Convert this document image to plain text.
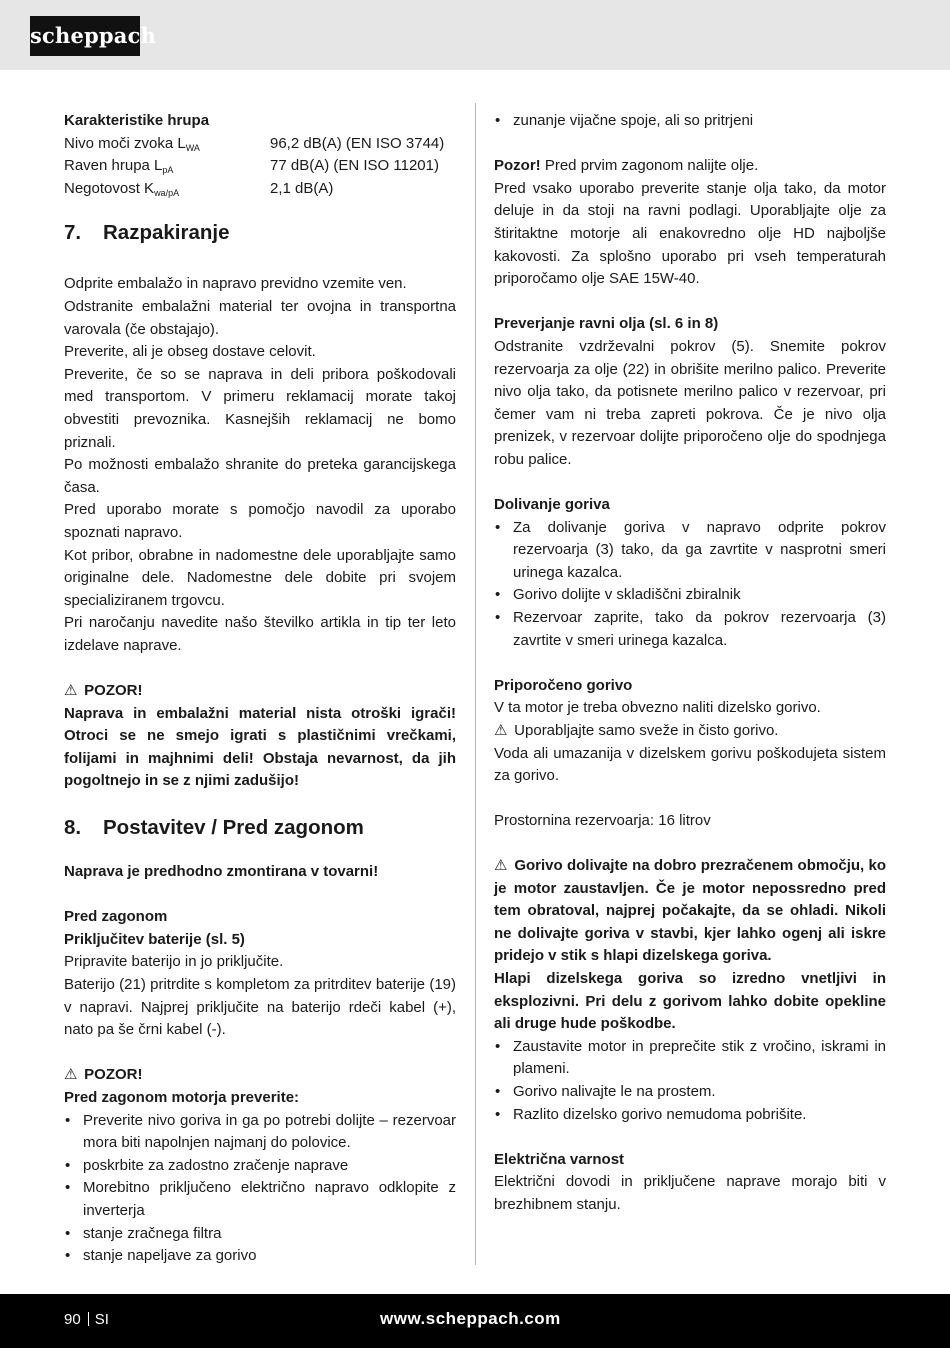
scheppach

Karakteristike hrupa

Nivo moči zvoka $L_{WA}$	96,2 dB(A) (EN ISO 3744)
Raven hrupa $L_{pA}$	77 dB(A) (EN ISO 11201)
Negotovost $K_{wa/pA}$	2,1 dB(A)
7.	Razpakiranje

Odprite embalažo in napravo previdno vzemite ven.

Odstranite embalažni material ter ovojna in transportna varovala (če obstajajo).

Preverite, ali je obseg dostave celovit.

Preverite, če so se naprava in deli pribora poškodovali med transportom. V primeru reklamacij morate takoj obvestiti prevoznika. Kasnejših reklamacij ne bomo priznali.

Po možnosti embalažo shranite do preteka garancijskega časa.

Pred uporabo morate s pomočjo navodil za uporabo spoznati napravo.

Kot pribor, obrabne in nadomestne dele uporabljajte samo originalne dele. Nadomestne dele dobite pri svojem specializiranem trgovcu.

Pri naročanju navedite našo številko artikla in tip ter leto izdelave naprave.

⚠ POZOR!

Naprava in embalažni material nista otroški igrači! Otroci se ne smejo igrati s plastičnimi vrečkami, folijami in majhnimi deli! Obstaja nevarnost, da jih pogoltnejo in se z njimi zadušijo!

8.	Postavitev / Pred zagonom

Naprava je predhodno zmontirana v tovarni!

Pred zagonom

Priključitev baterije (sl. 5)

Pripravite baterijo in jo priključite.

Baterijo (21) pritrdite s kompletom za pritrditev baterije (19) v napravi. Najprej priključite na baterijo rdeči kabel (+), nato pa še črni kabel (-).

⚠ POZOR!

Pred zagonom motorja preverite:

• Preverite nivo goriva in ga po potrebi dolijte – rezervoar mora biti napolnjen najmanj do polovice.
• poskrbite za zadostno zračenje naprave
• Morebitno priključeno električno napravo odklopite z inverterja
• stanje zračnega filtra
• stanje napeljave za gorivo
• zunanje vijačne spoje, ali so pritrjeni

Pozor! Pred prvim zagonom nalijte olje.

Pred vsako uporabo preverite stanje olja tako, da motor deluje in da stoji na ravni podlagi. Uporabljajte olje za štiritaktne motorje ali enakovredno olje HD najboljše kakovosti. Za splošno uporabo pri vseh temperaturah priporočamo olje SAE 15W-40.

Preverjanje ravni olja (sl. 6 in 8)

Odstranite vzdrževalni pokrov (5). Snemite pokrov rezervoarja za olje (22) in obrišite merilno palico. Preverite nivo olja tako, da potisnete merilno palico v rezervoar, pri čemer vam ni treba zapreti pokrova. Če je nivo olja prenizek, v rezervoar dolijte priporočeno olje do spodnjega robu palice.

Dolivanje goriva

• Za dolivanje goriva v napravo odprite pokrov rezervoarja (3) tako, da ga zavrtite v nasprotni smeri urinega kazalca.
• Gorivo dolijte v skladiščni zbiralnik
• Rezervoar zaprite, tako da pokrov rezervoarja (3) zavrtite v smeri urinega kazalca.

Priporočeno gorivo

V ta motor je treba obvezno naliti dizelsko gorivo.

⚠ Uporabljajte samo sveže in čisto gorivo.

Voda ali umazanija v dizelskem gorivu poškodujeta sistem za gorivo.

Prostornina rezervoarja: 16 litrov

⚠ Gorivo dolivajte na dobro prezračenem območju, ko je motor zaustavljen. Če je motor nepossredno pred tem obratoval, najprej počakajte, da se ohladi. Nikoli ne dolivajte goriva v stavbi, kjer lahko ogenj ali iskre pridejo v stik s hlapi dizelskega goriva.

Hlapi dizelskega goriva so izredno vnetljivi in eksplozivni. Pri delu z gorivom lahko dobite opekline ali druge hude poškodbe.

• Zaustavite motor in preprečite stik z vročino, iskrami in plameni.
• Gorivo nalivajte le na prostem.
• Razlito dizelsko gorivo nemudoma pobrišite.

Električna varnost

Električni dovodi in priključene naprave morajo biti v brezhibnem stanju.

90 SI	www.scheppach.com
